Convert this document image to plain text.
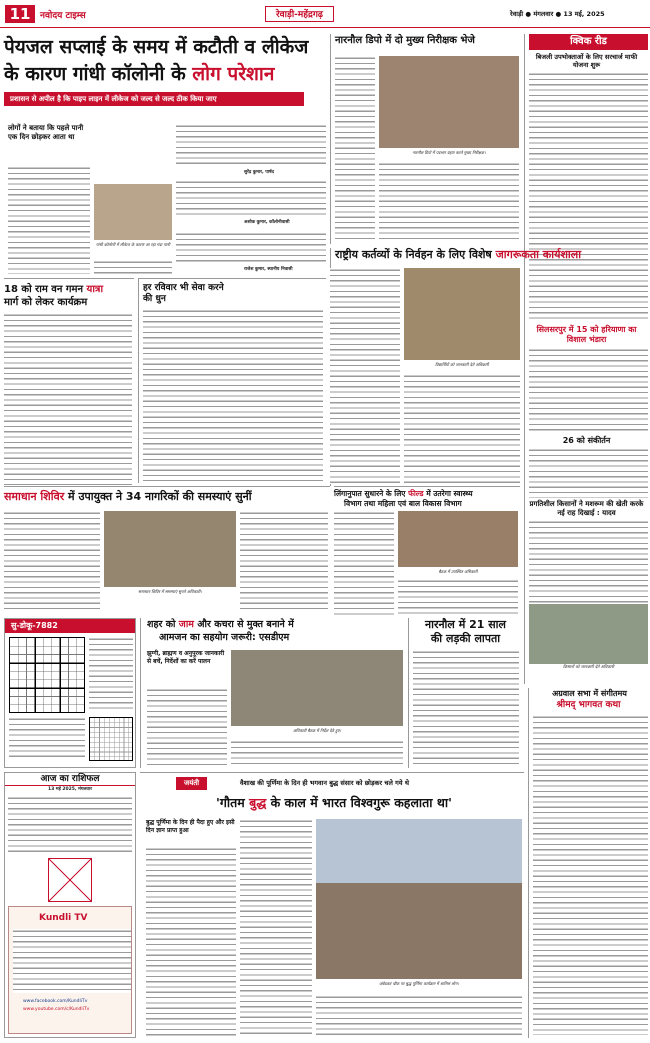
11	नवोदय टाइम्स	रेवाड़ी-महेंद्रगढ़	रेवाड़ी ● मंगलवार ● 13 मई, 2025
पेयजल सप्लाई के समय में कटौती व लीकेज
के कारण गांधी कॉलोनी के लोग परेशान
प्रशासन से अपील है कि पाइप लाइन में लीकेज को जल्द से जल्द ठीक किया जाए
लोगों ने बताया कि पहले पानी एक दिन छोड़कर आता था
गांधी कॉलोनी में लीकेज के कारण आ रहा गंदा पानी
सुरेंद्र कुमार, पार्षद
अशोक कुमार, कॉलोनीवासी
राजेश कुमार, स्थानीय निवासी
नारनौल डिपो में दो मुख्य निरीक्षक भेजे
नारनौल डिपो में पदभार ग्रहण करते मुख्य निरीक्षक।
क्विक रीड
बिजली उपभोक्ताओं के लिए सरचार्ज माफी योजना शुरू
सिलसरपुर में 15 को हरियाणा का विशाल भंडारा
26 को संकीर्तन
प्रगतिशील किसानों ने मशरूम की खेती करके नई राह दिखाई : यादव
किसानों को जानकारी देते अधिकारी
18 को राम वन गमन यात्रा
मार्ग को लेकर कार्यक्रम
हर रविवार भी सेवा करने की धुन
राष्ट्रीय कर्तव्यों के निर्वहन के लिए विशेष जागरूकता कार्यशाला
विद्यार्थियों को जानकारी देते अधिकारी
समाधान शिविर में उपायुक्त ने 34 नागरिकों की समस्याएं सुनीं
समाधान शिविर में समस्याएं सुनते अधिकारी।
लिंगानुपात सुधारने के लिए फील्ड में उतरेगा स्वास्थ्य
विभाग तथा महिला एवं बाल विकास विभाग
बैठक में उपस्थित अधिकारी
सु-डोकू-7882
आज का राशिफल
13 मई 2025, मंगलवार
Kundli TV
www.facebook.com/KundliTv
www.youtube.com/c/KundliTv
शहर को जाम और कचरा से मुक्त बनाने में
आमजन का सहयोग जरूरी: एसडीएम
झुग्गी, ब्राह्मण व अनुपूरक जानकारी से बचें, निर्देशों का करें पालन
अधिकारी बैठक में निर्देश देते हुए।
नारनौल में 21 साल
की लड़की लापता
अग्रवाल सभा में संगीतमय
श्रीमद् भागवत कथा
जयंती	वैशाख की पूर्णिमा के दिन ही भगवान बुद्ध संसार को छोड़कर चले गये थे
'गौतम बुद्ध के काल में भारत विश्वगुरू कहलाता था'
बुद्ध पूर्णिमा के दिन ही पैदा हुए और इसी दिन ज्ञान प्राप्त हुआ
अंबेडकर चौक पर बुद्ध पूर्णिमा कार्यक्रम में शामिल लोग।
